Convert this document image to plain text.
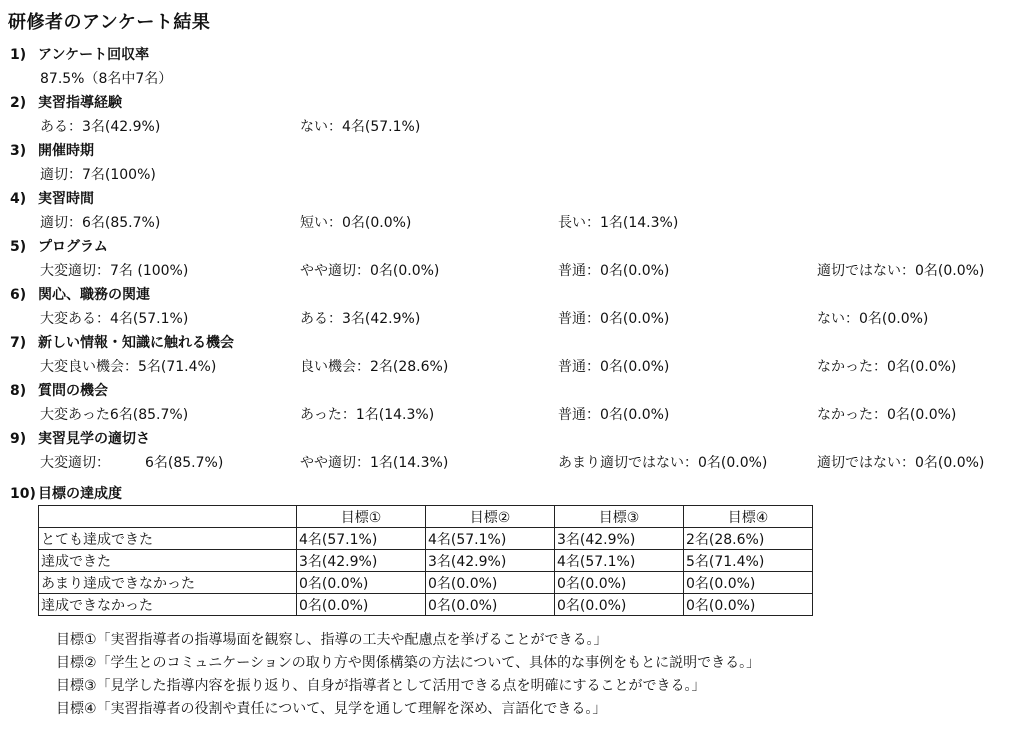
研修者のアンケート結果
1) アンケート回収率
87.5%（8名中7名）
2) 実習指導経験
ある：3名(42.9%)	ない：4名(57.1%)
3) 開催時期
適切：7名(100%)
4) 実習時間
適切：6名(85.7%)	短い：0名(0.0%)	長い：1名(14.3%)
5) プログラム
大変適切：7名 (100%)	やや適切：0名(0.0%)	普通：0名(0.0%)	適切ではない：0名(0.0%)
6) 関心、職務の関連
大変ある：4名(57.1%)	ある：3名(42.9%)	普通：0名(0.0%)	ない：0名(0.0%)
7) 新しい情報・知識に触れる機会
大変良い機会：5名(71.4%)	良い機会：2名(28.6%)	普通：0名(0.0%)	なかった：0名(0.0%)
8) 質問の機会
大変あった6名(85.7%)	あった：1名(14.3%)	普通：0名(0.0%)	なかった：0名(0.0%)
9) 実習見学の適切さ
大変適切：　　　6名(85.7%)	やや適切：1名(14.3%)	あまり適切ではない：0名(0.0%)	適切ではない：0名(0.0%)
10) 目標の達成度
	目標①	目標②	目標③	目標④
とても達成できた	4名(57.1%)	4名(57.1%)	3名(42.9%)	2名(28.6%)
達成できた	3名(42.9%)	3名(42.9%)	4名(57.1%)	5名(71.4%)
あまり達成できなかった	0名(0.0%)	0名(0.0%)	0名(0.0%)	0名(0.0%)
達成できなかった	0名(0.0%)	0名(0.0%)	0名(0.0%)	0名(0.0%)
目標①「実習指導者の指導場面を観察し、指導の工夫や配慮点を挙げることができる。」
目標②「学生とのコミュニケーションの取り方や関係構築の方法について、具体的な事例をもとに説明できる。」
目標③「見学した指導内容を振り返り、自身が指導者として活用できる点を明確にすることができる。」
目標④「実習指導者の役割や責任について、見学を通して理解を深め、言語化できる。」
